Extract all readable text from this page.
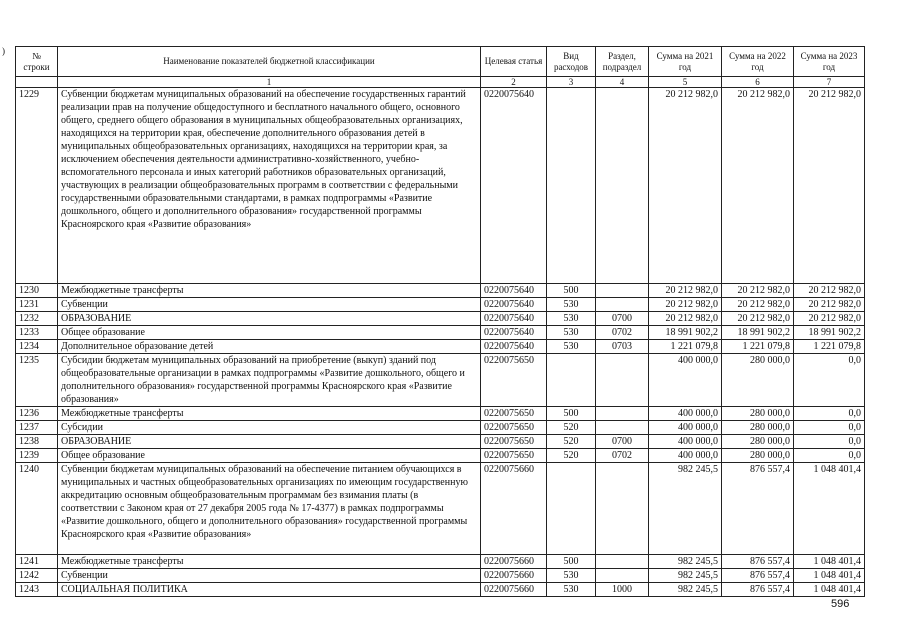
)	№ строки	Наименование показателей бюджетной классификации	Целевая статья	Вид расходов	Раздел, подраздел	Сумма на 2021 год	Сумма на 2022 год	Сумма на 2023 год
	1	2	3	4	5	6	7
1229	Субвенции бюджетам муниципальных образований на обеспечение государственных гарантий реализации прав на получение общедоступного и бесплатного начального общего, основного общего, среднего общего образования в муниципальных общеобразовательных организациях, находящихся на территории края, обеспечение дополнительного образования детей в муниципальных общеобразовательных организациях, находящихся на территории края, за исключением обеспечения деятельности административно-хозяйственного, учебно-вспомогательного персонала и иных категорий работников образовательных организаций, участвующих в реализации общеобразовательных программ в соответствии с федеральными государственными образовательными стандартами, в рамках подпрограммы «Развитие дошкольного, общего и дополнительного образования» государственной программы Красноярского края «Развитие образования»	0220075640			20 212 982,0	20 212 982,0	20 212 982,0
1230	Межбюджетные трансферты	0220075640	500		20 212 982,0	20 212 982,0	20 212 982,0
1231	Субвенции	0220075640	530		20 212 982,0	20 212 982,0	20 212 982,0
1232	ОБРАЗОВАНИЕ	0220075640	530	0700	20 212 982,0	20 212 982,0	20 212 982,0
1233	Общее образование	0220075640	530	0702	18 991 902,2	18 991 902,2	18 991 902,2
1234	Дополнительное образование детей	0220075640	530	0703	1 221 079,8	1 221 079,8	1 221 079,8
1235	Субсидии бюджетам муниципальных образований на приобретение (выкуп) зданий под общеобразовательные организации в рамках подпрограммы «Развитие дошкольного, общего и дополнительного образования» государственной программы Красноярского края «Развитие образования»	0220075650			400 000,0	280 000,0	0,0
1236	Межбюджетные трансферты	0220075650	500		400 000,0	280 000,0	0,0
1237	Субсидии	0220075650	520		400 000,0	280 000,0	0,0
1238	ОБРАЗОВАНИЕ	0220075650	520	0700	400 000,0	280 000,0	0,0
1239	Общее образование	0220075650	520	0702	400 000,0	280 000,0	0,0
1240	Субвенции бюджетам муниципальных образований на обеспечение питанием обучающихся в муниципальных и частных общеобразовательных организациях по имеющим государственную аккредитацию основным общеобразовательным программам без взимания платы (в соответствии с Законом края от 27 декабря 2005 года № 17-4377) в рамках подпрограммы «Развитие дошкольного, общего и дополнительного образования» государственной программы Красноярского края «Развитие образования»	0220075660			982 245,5	876 557,4	1 048 401,4
1241	Межбюджетные трансферты	0220075660	500		982 245,5	876 557,4	1 048 401,4
1242	Субвенции	0220075660	530		982 245,5	876 557,4	1 048 401,4
1243	СОЦИАЛЬНАЯ ПОЛИТИКА	0220075660	530	1000	982 245,5	876 557,4	1 048 401,4
596
